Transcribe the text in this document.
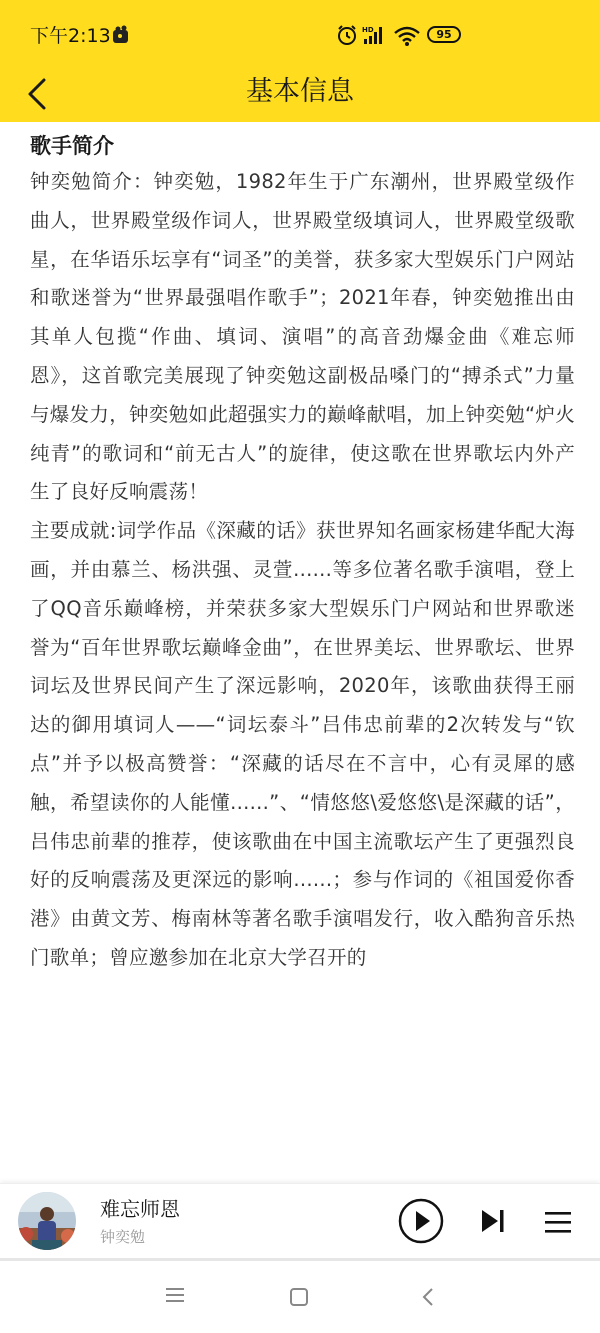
下午2:13	HD	95
基本信息
歌手简介

钟奕勉简介：钟奕勉，1982年生于广东潮州，世界殿堂级作曲人，世界殿堂级作词人，世界殿堂级填词人，世界殿堂级歌星，在华语乐坛享有“词圣”的美誉，获多家大型娱乐门户网站和歌迷誉为“世界最强唱作歌手”；2021年春，钟奕勉推出由其单人包揽“作曲、填词、演唱”的高音劲爆金曲《难忘师恩》，这首歌完美展现了钟奕勉这副极品嗓门的“搏杀式”力量与爆发力，钟奕勉如此超强实力的巅峰献唱，加上钟奕勉“炉火纯青”的歌词和“前无古人”的旋律，使这歌在世界歌坛内外产生了良好反响震荡！

主要成就:词学作品《深藏的话》获世界知名画家杨建华配大海画，并由慕兰、杨洪强、灵萱......等多位著名歌手演唱，登上了QQ音乐巅峰榜，并荣获多家大型娱乐门户网站和世界歌迷誉为“百年世界歌坛巅峰金曲”，在世界美坛、世界歌坛、世界词坛及世界民间产生了深远影响，2020年，该歌曲获得王丽达的御用填词人——“词坛泰斗”吕伟忠前辈的2次转发与“钦点”并予以极高赞誉：“深藏的话尽在不言中，心有灵犀的感触，希望读你的人能懂......”、“情悠悠\爱悠悠\是深藏的话”，吕伟忠前辈的推荐，使该歌曲在中国主流歌坛产生了更强烈良好的反响震荡及更深远的影响......；参与作词的《祖国爱你香港》由黄文芳、梅南林等著名歌手演唱发行，收入酷狗音乐热门歌单；曾应邀参加在北京大学召开的

难忘师恩
钟奕勉
